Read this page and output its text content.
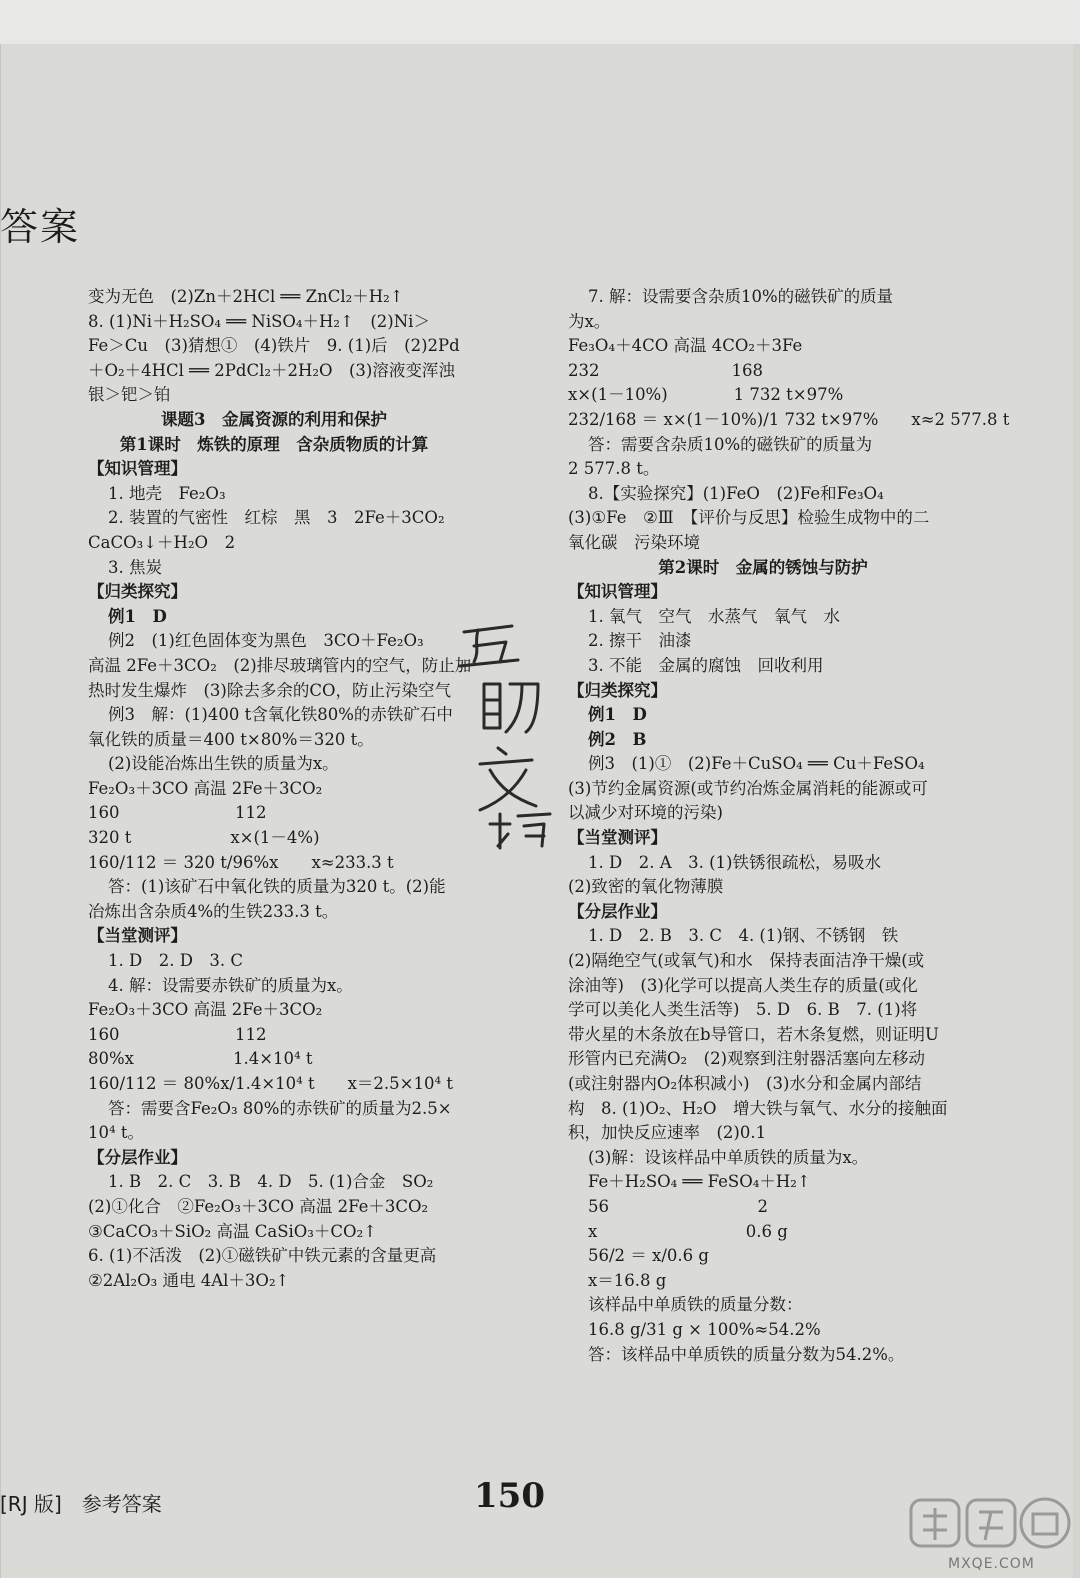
答案
变为无色　(2)Zn＋2HCl ══ ZnCl₂＋H₂↑
8. (1)Ni＋H₂SO₄ ══ NiSO₄＋H₂↑　(2)Ni＞
Fe＞Cu　(3)猜想①　(4)铁片　9. (1)后　(2)2Pd
＋O₂＋4HCl ══ 2PdCl₂＋2H₂O　(3)溶液变浑浊
银＞钯＞铂
课题3　金属资源的利用和保护
第1课时　炼铁的原理　含杂质物质的计算
【知识管理】
1. 地壳　Fe₂O₃
2. 装置的气密性　红棕　黑　3　2Fe＋3CO₂
CaCO₃↓＋H₂O　2
3. 焦炭
【归类探究】
例1　D
例2　(1)红色固体变为黑色　3CO＋Fe₂O₃
高温 2Fe＋3CO₂　(2)排尽玻璃管内的空气，防止加
热时发生爆炸　(3)除去多余的CO，防止污染空气
例3　解：(1)400 t含氧化铁80%的赤铁矿石中
氧化铁的质量＝400 t×80%＝320 t。
(2)设能冶炼出生铁的质量为x。
Fe₂O₃＋3CO 高温 2Fe＋3CO₂
160　　　　　　　112
320 t　　　　　　x×(1－4%)
160/112 ＝ 320 t/96%x　　x≈233.3 t
答：(1)该矿石中氧化铁的质量为320 t。(2)能
冶炼出含杂质4%的生铁233.3 t。
【当堂测评】
1. D　2. D　3. C
4. 解：设需要赤铁矿的质量为x。
Fe₂O₃＋3CO 高温 2Fe＋3CO₂
160　　　　　　　112
80%x　　　　　　1.4×10⁴ t
160/112 ＝ 80%x/1.4×10⁴ t　　x＝2.5×10⁴ t
答：需要含Fe₂O₃ 80%的赤铁矿的质量为2.5×
10⁴ t。
【分层作业】
1. B　2. C　3. B　4. D　5. (1)合金　SO₂
(2)①化合　②Fe₂O₃＋3CO 高温 2Fe＋3CO₂
③CaCO₃＋SiO₂ 高温 CaSiO₃＋CO₂↑
6. (1)不活泼　(2)①磁铁矿中铁元素的含量更高
②2Al₂O₃ 通电 4Al＋3O₂↑
7. 解：设需要含杂质10%的磁铁矿的质量
为x。
Fe₃O₄＋4CO 高温 4CO₂＋3Fe
232　　　　　　　　168
x×(1－10%)　　　　1 732 t×97%
232/168 ＝ x×(1－10%)/1 732 t×97%　　x≈2 577.8 t
答：需要含杂质10%的磁铁矿的质量为
2 577.8 t。
8.【实验探究】(1)FeO　(2)Fe和Fe₃O₄
(3)①Fe　②Ⅲ　【评价与反思】检验生成物中的二
氧化碳　污染环境
第2课时　金属的锈蚀与防护
【知识管理】
1. 氧气　空气　水蒸气　氧气　水
2. 擦干　油漆
3. 不能　金属的腐蚀　回收利用
【归类探究】
例1　D
例2　B
例3　(1)①　(2)Fe＋CuSO₄ ══ Cu＋FeSO₄
(3)节约金属资源(或节约冶炼金属消耗的能源或可
以减少对环境的污染)
【当堂测评】
1. D　2. A　3. (1)铁锈很疏松，易吸水
(2)致密的氧化物薄膜
【分层作业】
1. D　2. B　3. C　4. (1)钢、不锈钢　铁
(2)隔绝空气(或氧气)和水　保持表面洁净干燥(或
涂油等)　(3)化学可以提高人类生存的质量(或化
学可以美化人类生活等)　5. D　6. B　7. (1)将
带火星的木条放在b导管口，若木条复燃，则证明U
形管内已充满O₂　(2)观察到注射器活塞向左移动
(或注射器内O₂体积减小)　(3)水分和金属内部结
构　8. (1)O₂、H₂O　增大铁与氧气、水分的接触面
积，加快反应速率　(2)0.1
(3)解：设该样品中单质铁的质量为x。
Fe＋H₂SO₄ ══ FeSO₄＋H₂↑
56　　　　　　　　　2
x　　　　　　　　　0.6 g
56/2 ＝ x/0.6 g
x＝16.8 g
该样品中单质铁的质量分数：
16.8 g/31 g × 100%≈54.2%
答：该样品中单质铁的质量分数为54.2%。
[RJ 版]　参考答案	150
MXQE.COM
